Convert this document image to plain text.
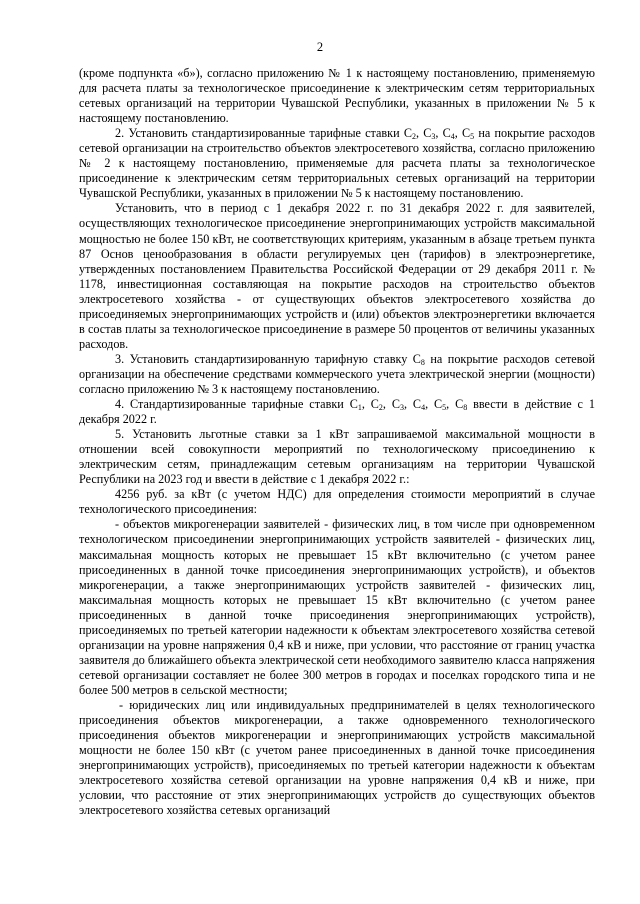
2

(кроме подпункта «б»), согласно приложению № 1 к настоящему постановлению, применяемую для расчета платы за технологическое присоединение к электрическим сетям территориальных сетевых организаций на территории Чувашской Республики, указанных в приложении № 5 к настоящему постановлению.

2. Установить стандартизированные тарифные ставки $С_2$, $С_3$, $С_4$, $С_5$ на покрытие расходов сетевой организации на строительство объектов электросетевого хозяйства, согласно приложению № 2 к настоящему постановлению, применяемые для расчета платы за технологическое присоединение к электрическим сетям территориальных сетевых организаций на территории Чувашской Республики, указанных в приложении № 5 к настоящему постановлению.

Установить, что в период с 1 декабря 2022 г. по 31 декабря 2022 г. для заявителей, осуществляющих технологическое присоединение энергопринимающих устройств максимальной мощностью не более 150 кВт, не соответствующих критериям, указанным в абзаце третьем пункта 87 Основ ценообразования в области регулируемых цен (тарифов) в электроэнергетике, утвержденных постановлением Правительства Российской Федерации от 29 декабря 2011 г. № 1178, инвестиционная составляющая на покрытие расходов на строительство объектов электросетевого хозяйства - от существующих объектов электросетевого хозяйства до присоединяемых энергопринимающих устройств и (или) объектов электроэнергетики включается в состав платы за технологическое присоединение в размере 50 процентов от величины указанных расходов.

3. Установить стандартизированную тарифную ставку $С_8$ на покрытие расходов сетевой организации на обеспечение средствами коммерческого учета электрической энергии (мощности) согласно приложению № 3 к настоящему постановлению.

4. Стандартизированные тарифные ставки $С_1$, $С_2$, $С_3$, $С_4$, $С_5$, $С_8$ ввести в действие с 1 декабря 2022 г.

5. Установить льготные ставки за 1 кВт запрашиваемой максимальной мощности в отношении всей совокупности мероприятий по технологическому присоединению к электрическим сетям, принадлежащим сетевым организациям на территории Чувашской Республики на 2023 год и ввести в действие с 1 декабря 2022 г.:

4256 руб. за кВт (с учетом НДС) для определения стоимости мероприятий в случае технологического присоединения:

- объектов микрогенерации заявителей - физических лиц, в том числе при одновременном технологическом присоединении энергопринимающих устройств заявителей - физических лиц, максимальная мощность которых не превышает 15 кВт включительно (с учетом ранее присоединенных в данной точке присоединения энергопринимающих устройств), и объектов микрогенерации, а также энергопринимающих устройств заявителей - физических лиц, максимальная мощность которых не превышает 15 кВт включительно (с учетом ранее присоединенных в данной точке присоединения энергопринимающих устройств), присоединяемых по третьей категории надежности к объектам электросетевого хозяйства сетевой организации на уровне напряжения 0,4 кВ и ниже, при условии, что расстояние от границ участка заявителя до ближайшего объекта электрической сети необходимого заявителю класса напряжения сетевой организации составляет не более 300 метров в городах и поселках городского типа и не более 500 метров в сельской местности;

- юридических лиц или индивидуальных предпринимателей в целях технологического присоединения объектов микрогенерации, а также одновременного технологического присоединения объектов микрогенерации и энергопринимающих устройств максимальной мощности не более 150 кВт (с учетом ранее присоединенных в данной точке присоединения энергопринимающих устройств), присоединяемых по третьей категории надежности к объектам электросетевого хозяйства сетевой организации на уровне напряжения 0,4 кВ и ниже, при условии, что расстояние от этих энергопринимающих устройств до существующих объектов электросетевого хозяйства сетевых организаций
